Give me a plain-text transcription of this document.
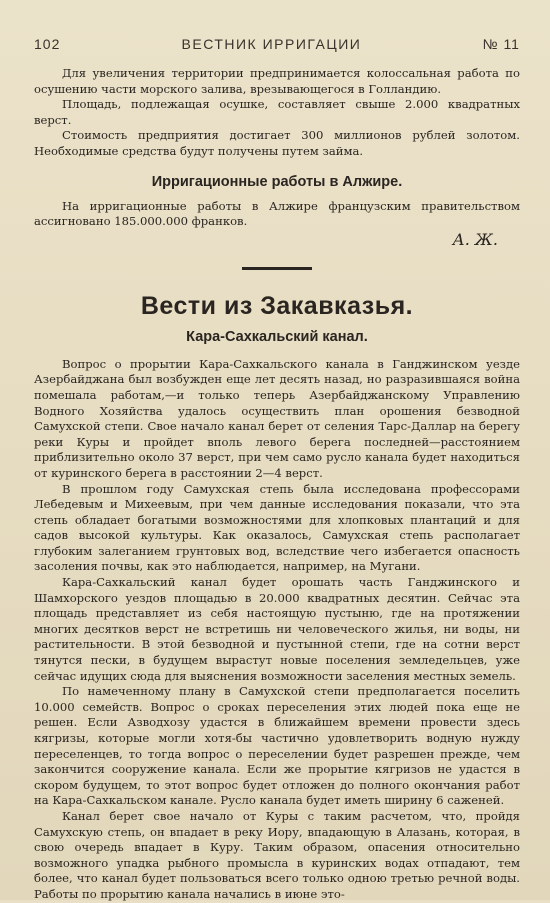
102	ВЕСТНИК ИРРИГАЦИИ	№ 11

Для увеличения территории предпринимается колоссальная работа по осушению части морского залива, врезывающегося в Голландию.

Площадь, подлежащая осушке, составляет свыше 2.000 квадратных верст.

Стоимость предприятия достигает 300 миллионов рублей золотом. Необходимые средства будут получены путем займа.

Ирригационные работы в Алжире.

На ирригационные работы в Алжире французским правительством ассигновано 185.000.000 франков.

А. Ж.
Вести из Закавказья.
Кара-Сахкальский канал.

Вопрос о прорытии Кара-Сахкальского канала в Ганджинском уезде Азербайджана был возбужден еще лет десять назад, но разразившаяся война помешала работам,—и только теперь Азербайджанскому Управлению Водного Хозяйства удалось осуществить план орошения безводной Самухской степи. Свое начало канал берет от селения Тарс-Даллар на берегу реки Куры и пройдет вполь левого берега последней—расстоянием приблизительно около 37 верст, при чем само русло канала будет находиться от куринского берега в расстоянии 2—4 верст.

В прошлом году Самухская степь была исследована профессорами Лебедевым и Михеевым, при чем данные исследования показали, что эта степь обладает богатыми возможностями для хлопковых плантаций и для садов высокой культуры. Как оказалось, Самухская степь располагает глубоким залеганием грунтовых вод, вследствие чего избегается опасность засоления почвы, как это наблюдается, например, на Мугани.

Кара-Сахкальский канал будет орошать часть Ганджинского и Шамхорского уездов площадью в 20.000 квадратных десятин. Сейчас эта площадь представляет из себя настоящую пустыню, где на протяжении многих десятков верст не встретишь ни человеческого жилья, ни воды, ни растительности. В этой безводной и пустынной степи, где на сотни верст тянутся пески, в будущем вырастут новые поселения земледельцев, уже сейчас идущих сюда для выяснения возможности заселения местных земель.

По намеченному плану в Самухской степи предполагается поселить 10.000 семейств. Вопрос о сроках переселения этих людей пока еще не решен. Если Азводхозу удастся в ближайшем времени провести здесь кягризы, которые могли хотя-бы частично удовлетворить водную нужду переселенцев, то тогда вопрос о переселении будет разрешен прежде, чем закончится сооружение канала. Если же прорытие кягризов не удастся в скором будущем, то этот вопрос будет отложен до полного окончания работ на Кара-Сахкальском канале. Русло канала будет иметь ширину 6 саженей.

Канал берет свое начало от Куры с таким расчетом, что, пройдя Самухскую степь, он впадает в реку Иору, впадающую в Алазань, которая, в свою очередь впадает в Куру. Таким образом, опасения относительно возможного упадка рыбного промысла в куринских водах отпадают, тем более, что канал будет пользоваться всего только одною третью речной воды. Работы по прорытию канала начались в июне это-
